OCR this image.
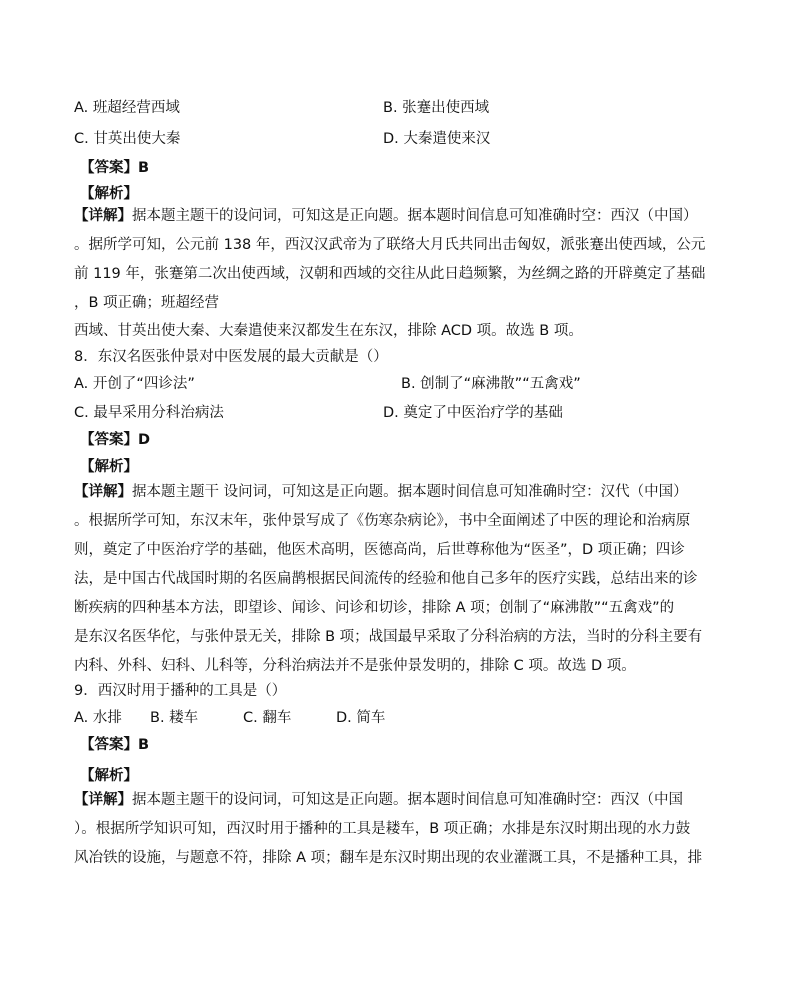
A. 班超经营西域	B. 张蹇出使西域
C. 甘英出使大秦	D. 大秦遣使来汉
【答案】B
【解析】
【详解】据本题主题干的设问词，可知这是正向题。据本题时间信息可知准确时空：西汉（中国）
。据所学可知，公元前 138 年，西汉汉武帝为了联络大月氏共同出击匈奴，派张蹇出使西域，公元
前 119 年，张蹇第二次出使西域，汉朝和西域的交往从此日趋频繁，为丝绸之路的开辟奠定了基础
，B 项正确；班超经营
西域、甘英出使大秦、大秦遣使来汉都发生在东汉，排除 ACD 项。故选 B 项。
8．东汉名医张仲景对中医发展的最大贡献是（）
A. 开创了“四诊法”	B. 创制了“麻沸散”“五禽戏”
C. 最早采用分科治病法	D. 奠定了中医治疗学的基础
【答案】D
【解析】
【详解】据本题主题干 设问词，可知这是正向题。据本题时间信息可知准确时空：汉代（中国）
。根据所学可知，东汉末年，张仲景写成了《伤寒杂病论》，书中全面阐述了中医的理论和治病原
则，奠定了中医治疗学的基础，他医术高明，医德高尚，后世尊称他为“医圣”，D 项正确；四诊
法，是中国古代战国时期的名医扁鹊根据民间流传的经验和他自己多年的医疗实践，总结出来的诊
断疾病的四种基本方法，即望诊、闻诊、问诊和切诊，排除 A 项；创制了“麻沸散”“五禽戏”的
是东汉名医华佗，与张仲景无关，排除 B 项；战国最早采取了分科治病的方法，当时的分科主要有
内科、外科、妇科、儿科等，分科治病法并不是张仲景发明的，排除 C 项。故选 D 项。
9．西汉时用于播种的工具是（）
A. 水排 B. 耧车	C. 翻车	D. 简车
【答案】B
【解析】
【详解】据本题主题干的设问词，可知这是正向题。据本题时间信息可知准确时空：西汉（中国
）。根据所学知识可知，西汉时用于播种的工具是耧车，B 项正确；水排是东汉时期出现的水力鼓
风冶铁的设施，与题意不符，排除 A 项；翻车是东汉时期出现的农业灌溉工具，不是播种工具，排
